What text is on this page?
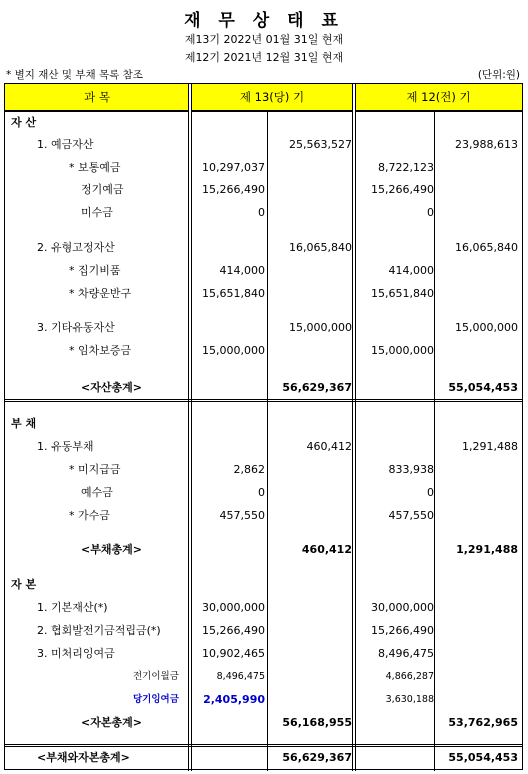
재 무 상 태 표
제13기 2022년 01월 31일 현재
제12기 2021년 12월 31일 현재
* 별지 재산 및 부채 목록 참조	(단위:원)
과 목	제 13(당) 기	제 12(전) 기
자 산
1. 예금자산	25,563,527	23,988,613
* 보통예금	10,297,037	8,722,123
정기예금	15,266,490	15,266,490
미수금	0	0
2. 유형고정자산	16,065,840	16,065,840
* 집기비품	414,000	414,000
* 차량운반구	15,651,840	15,651,840
3. 기타유동자산	15,000,000	15,000,000
* 임차보증금	15,000,000	15,000,000
<자산총계>	56,629,367	55,054,453
부 채
1. 유동부채	460,412	1,291,488
* 미지급금	2,862	833,938
예수금	0	0
* 가수금	457,550	457,550
<부채총계>	460,412	1,291,488
자 본
1. 기본재산(*)	30,000,000	30,000,000
2. 협회발전기금적립금(*)	15,266,490	15,266,490
3. 미처리잉여금	10,902,465	8,496,475
전기이월금	8,496,475	4,866,287
당기잉여금 2,405,990	3,630,188
<자본총계>	56,168,955	53,762,965
<부채와자본총계>	56,629,367	55,054,453
